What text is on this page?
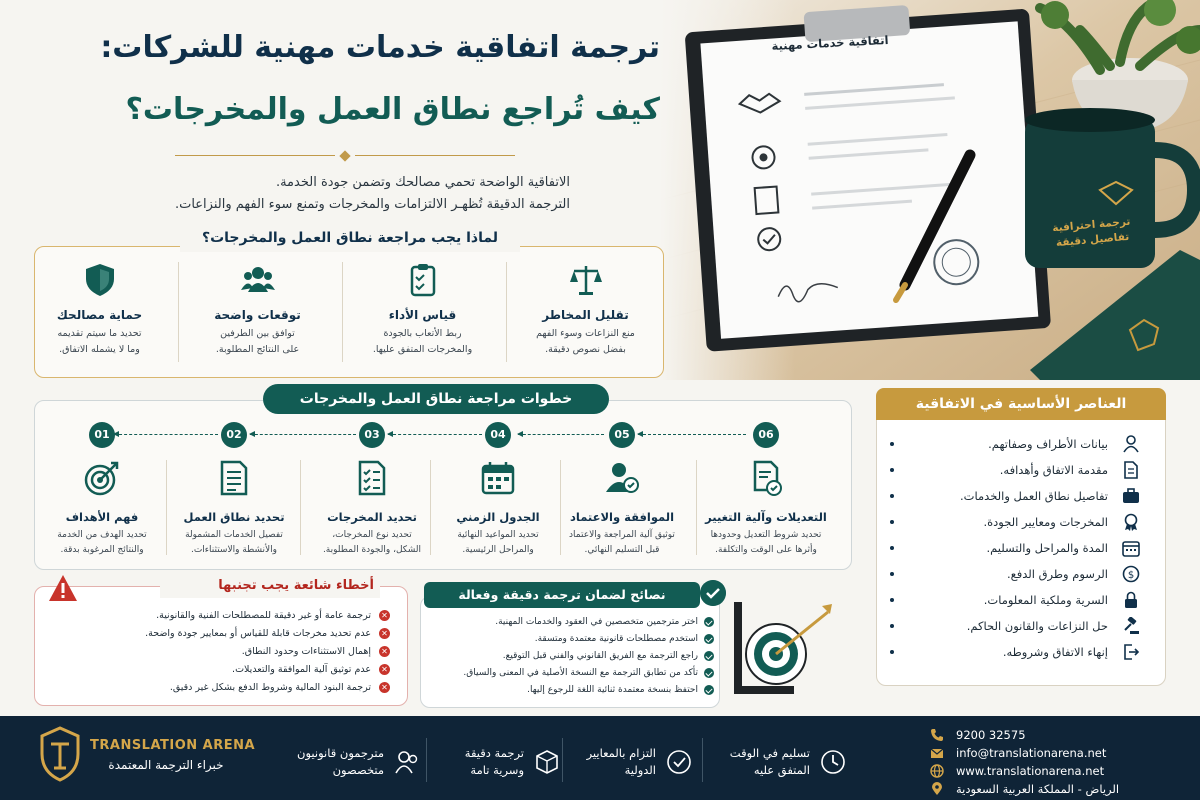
اتفاقية خدمات مهنية
ترجمة احترافية
تفاصيل دقيقة
ترجمة اتفاقية خدمات مهنية للشركات:
كيف تُراجع نطاق العمل والمخرجات؟
الاتفاقية الواضحة تحمي مصالحك وتضمن جودة الخدمة.
الترجمة الدقيقة تُظهـر الالتزامات والمخرجات وتمنع سوء الفهم والنزاعات.
لماذا يجب مراجعة نطاق العمل والمخرجات؟
تقليل المخاطر
منع النزاعات وسوء الفهم
بفضل نصوص دقيقة.
قياس الأداء
ربط الأتعاب بالجودة
والمخرجات المتفق عليها.
توقعات واضحة
توافق بين الطرفين
على النتائج المطلوبة.
حماية مصالحك
تحديد ما سيتم تقديمه
وما لا يشمله الاتفاق.
خطوات مراجعة نطاق العمل والمخرجات
06
التعديلات وآلية التغيير
تحديد شروط التعديل وحدودها
وأثرها على الوقت والتكلفة.
05
الموافقة والاعتماد
توثيق آلية المراجعة والاعتماد
قبل التسليم النهائي.
04
الجدول الزمني
تحديد المواعيد النهائية
والمراحل الرئيسية.
03
تحديد المخرجات
تحديد نوع المخرجات،
الشكل، والجودة المطلوبة.
02
تحديد نطاق العمل
تفصيل الخدمات المشمولة
والأنشطة والاستثناءات.
01
فهم الأهداف
تحديد الهدف من الخدمة
والنتائج المرغوبة بدقة.
العناصر الأساسية في الاتفاقية
بيانات الأطراف وصفاتهم.
مقدمة الاتفاق وأهدافه.
تفاصيل نطاق العمل والخدمات.
المخرجات ومعايير الجودة.
المدة والمراحل والتسليم.
$
الرسوم وطرق الدفع.
السرية وملكية المعلومات.
حل النزاعات والقانون الحاكم.
إنهاء الاتفاق وشروطه.
أخطاء شائعة يجب تجنبها
✕
ترجمة عامة أو غير دقيقة للمصطلحات الفنية والقانونية.
✕
عدم تحديد مخرجات قابلة للقياس أو بمعايير جودة واضحة.
✕
إهمال الاستثناءات وحدود النطاق.
✕
عدم توثيق آلية الموافقة والتعديلات.
✕
ترجمة البنود المالية وشروط الدفع بشكل غير دقيق.
نصائح لضمان ترجمة دقيقة وفعالة
اختر مترجمين متخصصين في العقود والخدمات المهنية.
استخدم مصطلحات قانونية معتمدة ومتسقة.
راجع الترجمة مع الفريق القانوني والفني قبل التوقيع.
تأكد من تطابق الترجمة مع النسخة الأصلية في المعنى والسياق.
احتفظ بنسخة معتمدة ثنائية اللغة للرجوع إليها.
TRANSLATION ARENA
خبراء الترجمة المعتمدة
مترجمون قانونيون
متخصصون
ترجمة دقيقة
وسرية تامة
التزام بالمعايير
الدولية
تسليم في الوقت
المتفق عليه
9200 32575
info@translationarena.net
www.translationarena.net
الرياض - المملكة العربية السعودية
